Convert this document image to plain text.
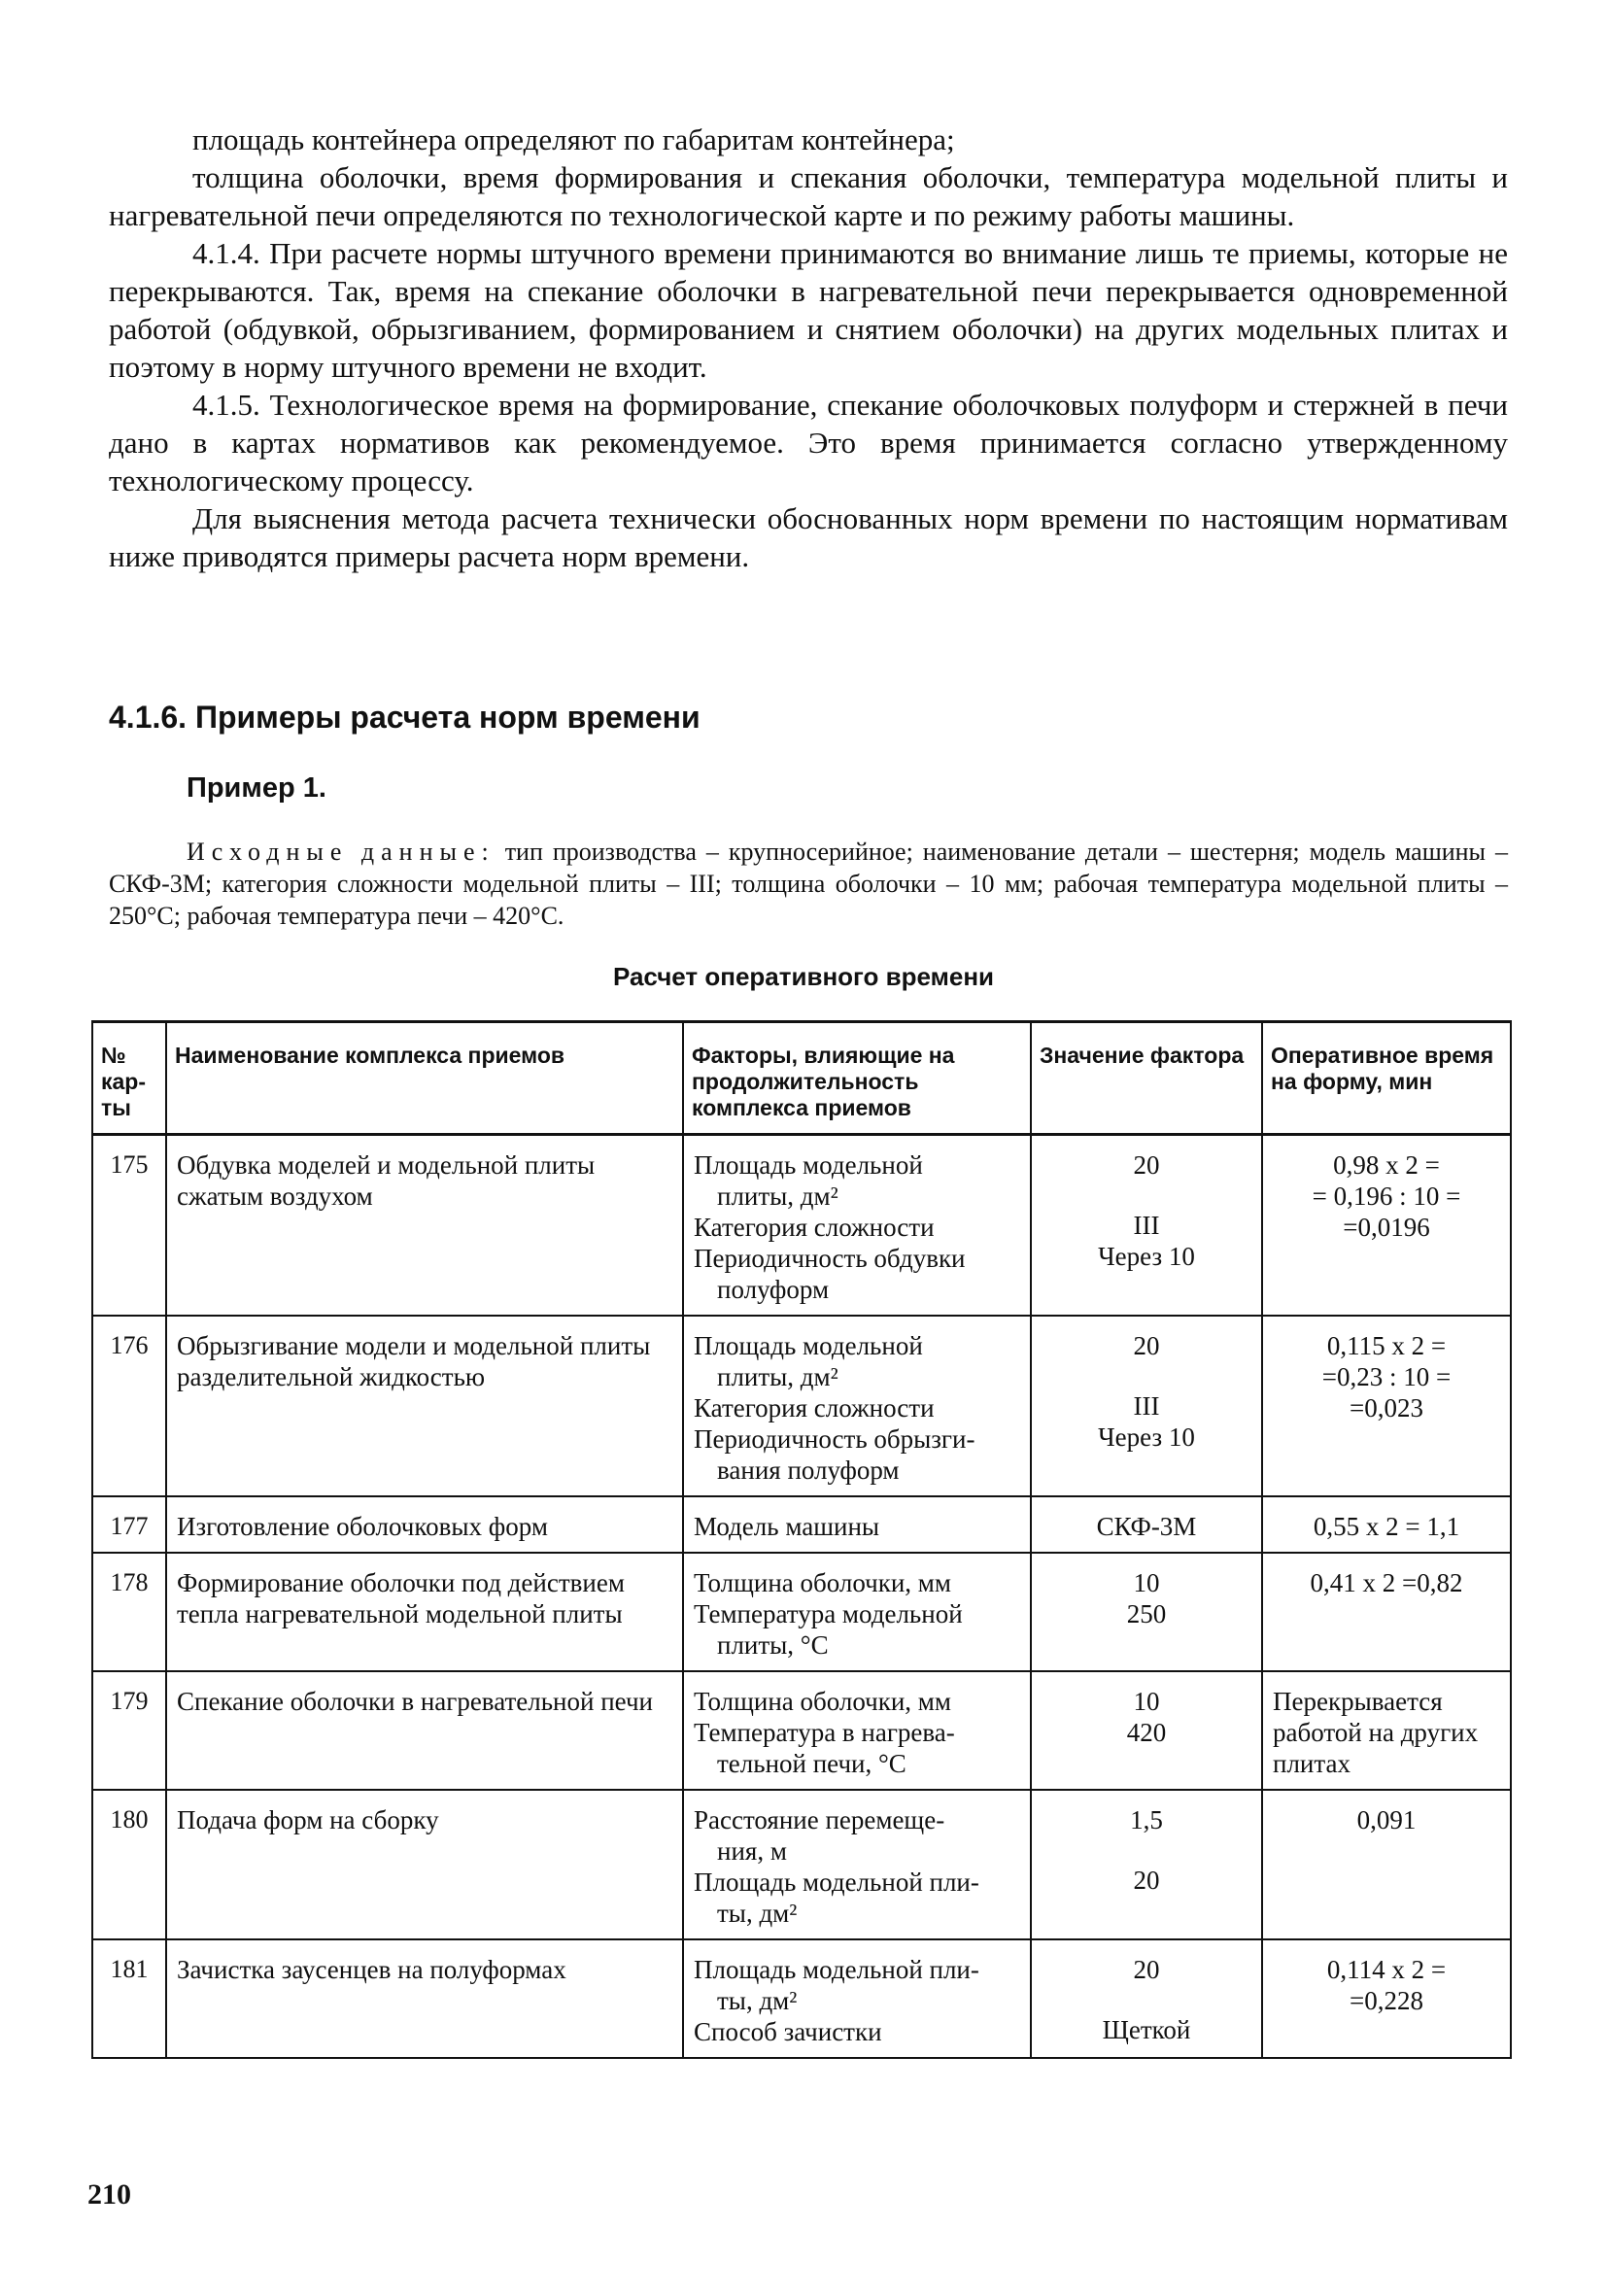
площадь контейнера определяют по габаритам контейнера;

толщина оболочки, время формирования и спекания оболочки, температура модельной плиты и нагревательной печи определяются по технологической карте и по режиму работы машины.

4.1.4. При расчете нормы штучного времени принимаются во внимание лишь те приемы, которые не перекрываются. Так, время на спекание оболочки в нагревательной печи перекрывается одновременной работой (обдувкой, обрызгиванием, формированием и снятием оболочки) на других модельных плитах и поэтому в норму штучного времени не входит.

4.1.5. Технологическое время на формирование, спекание оболочковых полуформ и стержней в печи дано в картах нормативов как рекомендуемое. Это время принимается согласно утвержденному технологическому процессу.

Для выяснения метода расчета технически обоснованных норм времени по настоящим нормативам ниже приводятся примеры расчета норм времени.

4.1.6. Примеры расчета норм времени
Пример 1.
Исходные данные: тип производства – крупносерийное; наименование детали – шестерня; модель машины – СКФ-3М; категория сложности модельной плиты – III; толщина оболочки – 10 мм; рабочая температура модельной плиты – 250°С; рабочая температура печи – 420°С.
Расчет оперативного времени
№ кар-ты	Наименование комплекса приемов	Факторы, влияющие на продолжительность комплекса приемов	Значение фактора	Оперативное время на форму, мин
175	Обдувка моделей и модельной плиты сжатым воздухом	Площадь модельной
плиты, дм²
Категория сложности
Периодичность обдувки
полуформ	20
III
Через 10	0,98 x 2 =
= 0,196 : 10 =
=0,0196

176	Обрызгивание модели и модельной плиты разделительной жидкостью	Площадь модельной
плиты, дм²
Категория сложности
Периодичность обрызги-
вания полуформ	20
III
Через 10	0,115 x 2 =
=0,23 : 10 =
=0,023

177	Изготовление оболочковых форм	Модель машины	СКФ-3М	0,55 x 2 = 1,1

178	Формирование оболочки под действием тепла нагревательной модельной плиты	Толщина оболочки, мм
Температура модельной
плиты, °С	10
250	0,41 x 2 =0,82

179	Спекание оболочки в нагревательной печи	Толщина оболочки, мм
Температура в нагрева-
тельной печи, °С	10
420	Перекрывается работой на других плитах

180	Подача форм на сборку	Расстояние перемеще-
ния, м
Площадь модельной пли-
ты, дм²	1,5
20	0,091

181	Зачистка заусенцев на полуформах	Площадь модельной пли-
ты, дм²
Способ зачистки	20
Щеткой	0,114 x 2 =
=0,228
210
